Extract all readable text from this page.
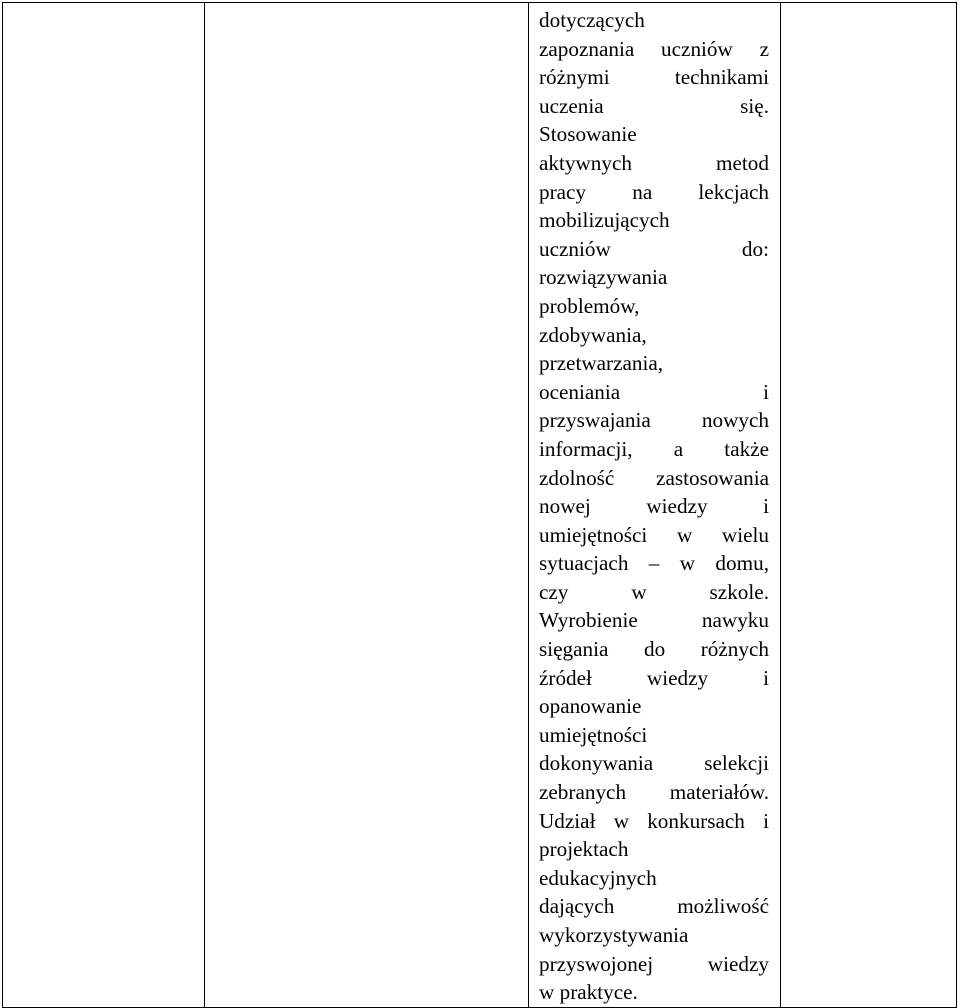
dotyczących
zapoznania uczniów z
różnymi technikami
uczenia się.
Stosowanie
aktywnych metod
pracy na lekcjach
mobilizujących
uczniów do:
rozwiązywania
problemów,
zdobywania,
przetwarzania,
oceniania i
przyswajania nowych
informacji, a także
zdolność zastosowania
nowej wiedzy i
umiejętności w wielu
sytuacjach – w domu,
czy w szkole.
Wyrobienie nawyku
sięgania do różnych
źródeł wiedzy i
opanowanie
umiejętności
dokonywania selekcji
zebranych materiałów.
Udział w konkursach i
projektach
edukacyjnych
dających możliwość
wykorzystywania
przyswojonej wiedzy
w praktyce.
